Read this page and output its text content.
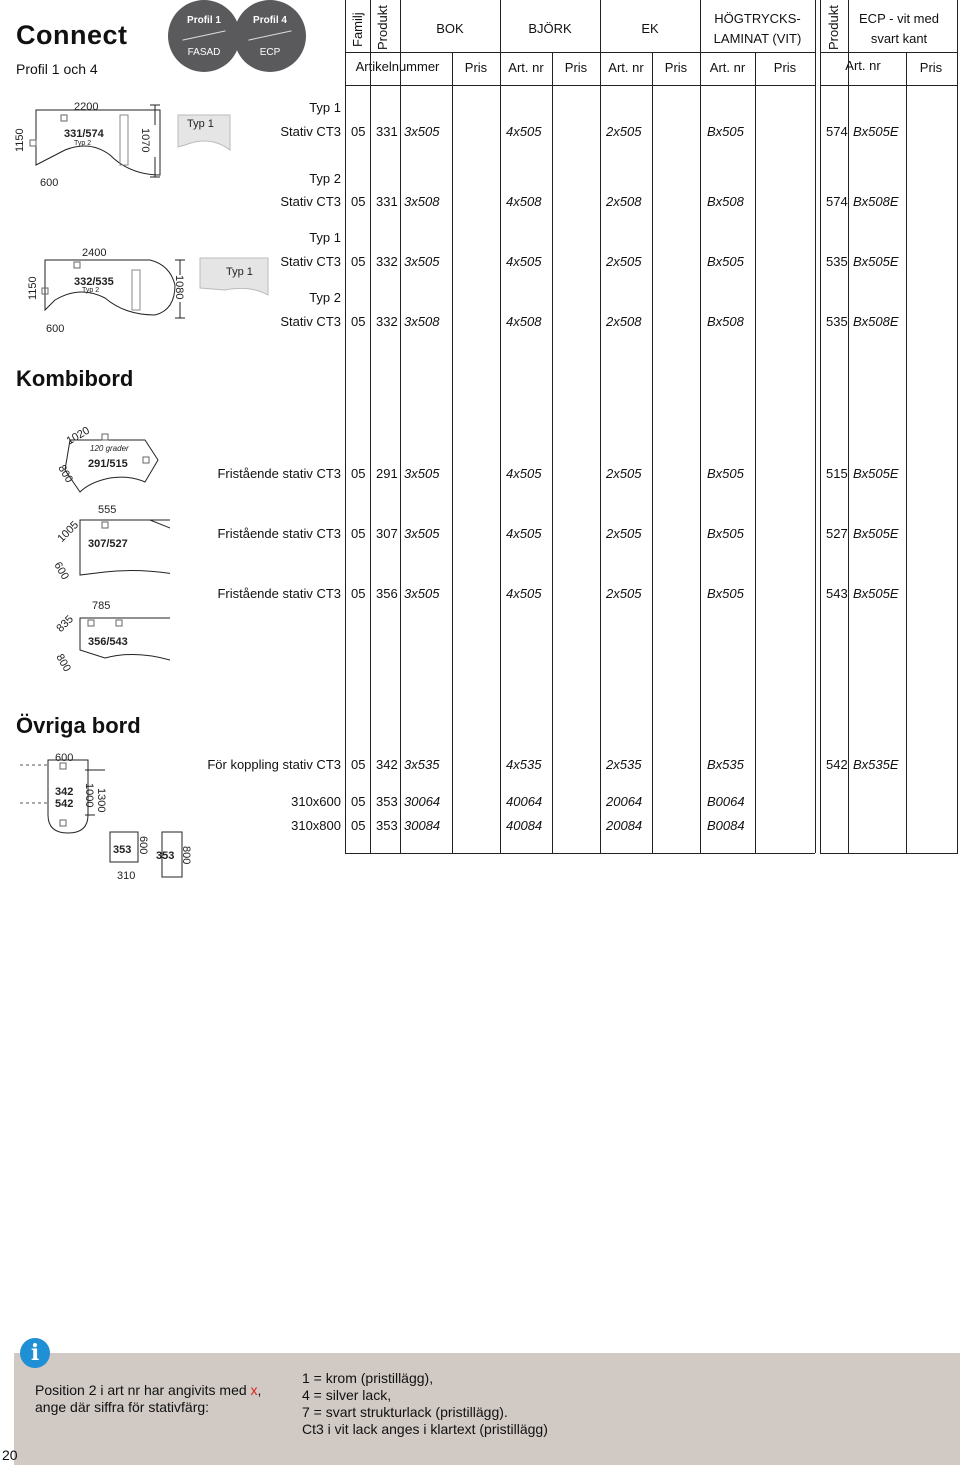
Connect
Profil 1 och 4
Profil 1
FASAD
Profil 4
ECP
Familj Produkt	Produkt
BOK	BJÖRK	EK
HÖGTRYCKS-
LAMINAT (VIT)
ECP - vit med
svart kant
Artikelnummer	Pris	Art. nr	Pris	Art. nr	Pris	Art. nr	Pris	Art. nr	Pris
Typ 1
Stativ CT3 05 331 3x505	4x505	2x505	Bx505	574 Bx505E
Typ 2
Stativ CT3 05 331 3x508	4x508	2x508	Bx508	574 Bx508E
Typ 1
Stativ CT3 05 332 3x505	4x505	2x505	Bx505	535 Bx505E
Typ 2
Stativ CT3 05 332 3x508	4x508	2x508	Bx508	535 Bx508E
Kombibord
Fristående stativ CT3 05 291 3x505	4x505	2x505	Bx505	515 Bx505E
Fristående stativ CT3 05 307 3x505	4x505	2x505	Bx505	527 Bx505E
Fristående stativ CT3 05 356 3x505	4x505	2x505	Bx505	543 Bx505E
Övriga bord
För koppling stativ CT3 05 342 3x535	4x535	2x535	Bx535	542 Bx535E
310x600 05 353 30064	40064	20064	B0064
310x800 05 353 30084	40084	20084	B0084
2200
331/574
Typ 2
1150	1070
600
Typ 1
2400
332/535
Typ 2
1150	1080
600
Typ 1
1020
120 grader
291/515
800
555
1005 307/527
600
785
835
356/543
800
600
342
542 1300
1000
353 600
310
353 800
i
Position 2 i art nr har angivits med x,
ange där siffra för stativfärg:
1 = krom (pristillägg),
4 = silver lack,
7 = svart strukturlack (pristillägg).
Ct3 i vit lack anges i klartext (pristillägg)
20
